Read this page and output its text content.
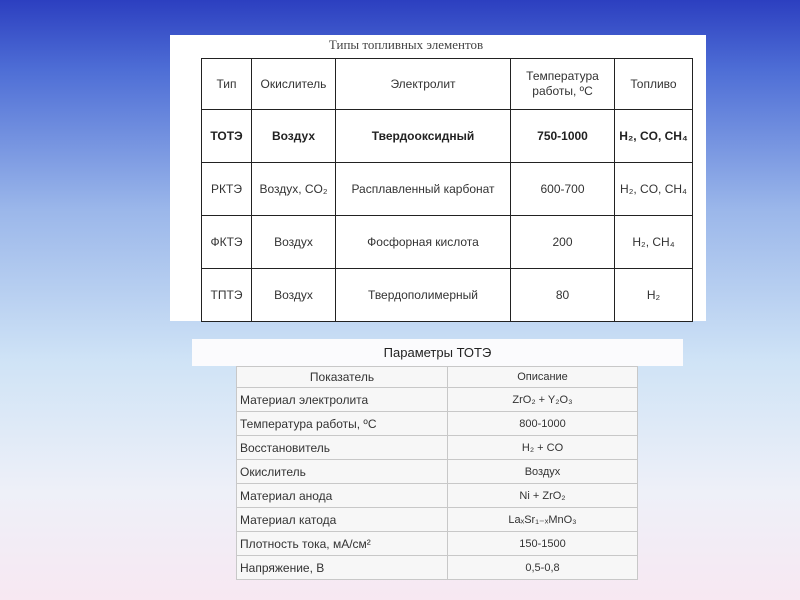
Типы топливных элементов
Тип	Окислитель	Электролит	Температура работы, ºC	Топливо
ТОТЭ	Воздух	Твердооксидный	750-1000	H₂, CO, CH₄
РКТЭ	Воздух, CO₂	Расплавленный карбонат	600-700	H₂, CO, CH₄
ФКТЭ	Воздух	Фосфорная кислота	200	H₂, CH₄
ТПТЭ	Воздух	Твердополимерный	80	H₂
Параметры ТОТЭ
Показатель	Описание
Материал электролита	ZrO₂ + Y₂O₃
Температура работы, ºС	800-1000
Восстановитель	H₂ + CO
Окислитель	Воздух
Материал анода	Ni + ZrO₂
Материал катода	LaₓSr₁₋ₓMnO₃
Плотность тока, мА/см²	150-1500
Напряжение, В	0,5-0,8
